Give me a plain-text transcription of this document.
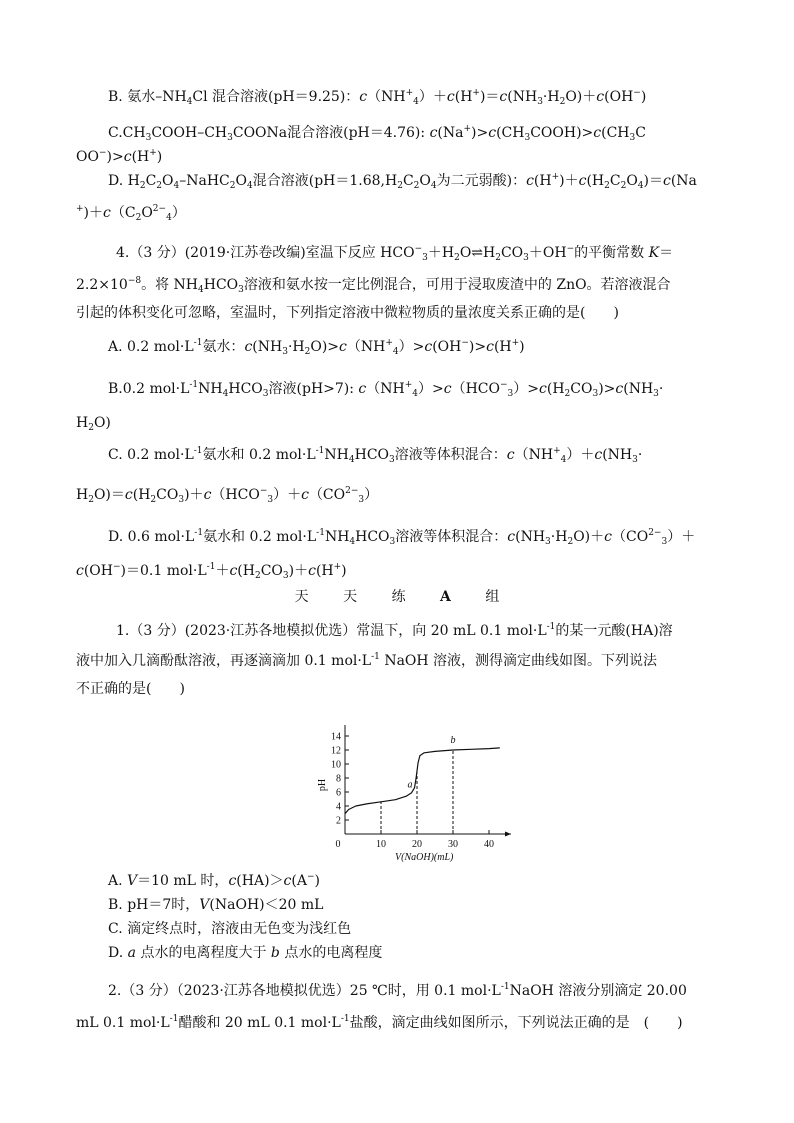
B. 氨水$-NH_4Cl$ 混合溶液(pH＝9.25)：$c(NH^+_4)+c(H^+)=c(NH_3\cdot H_2O)+c(OH^-)$
$C.CH_3COOH-CH_3COONa$混合溶液(pH＝4.76): $c(Na^+)>c(CH_3COOH)>c(CH_3C$
OO−)>c(H+)
D. $H_2C_2O_4-NaHC_2O_4$混合溶液($pH=1.68,H_2C_2O_4$为二元弱酸)：$c(H^+)+c(H_2C_2O_4)=c(Na$
$^+)+c(C_2O^{2-}_4)$
4.（3 分）(2019·江苏卷改编)室温下反应 $HCO^-_3+H_2O\rightleftharpoons H_2CO_3+OH^-$的平衡常数 K＝
$2.2\times 10^{-8}$。将 $NH_4HCO_3$溶液和氨水按一定比例混合，可用于浸取废渣中的 ZnO。若溶液混合
引起的体积变化可忽略，室温时，下列指定溶液中微粒物质的量浓度关系正确的是(　　)
A. 0.2 $mol\cdot L^{-1}$氨水：$c(NH_3\cdot H_2O)>c(NH^+_4)>c(OH^-)>c(H^+)$
B.0.2 $mol\cdot L^{-1}NH_4HCO_3$溶液(pH>7): $c(NH^+_4)>c(HCO^-_3)>c(H_2CO_3)>c(NH_3\cdot$
$H_2O$)
C. 0.2 $mol\cdot L^{-1}$氨水和 0.2 $mol\cdot L^{-1}NH_4HCO_3$溶液等体积混合：$c(NH^+_4)+c(NH_3\cdot$
$H_2O)=c(H_2CO_3)+c(HCO^-_3)+c(CO^{2-}_3)$
D. 0.6 $mol\cdot L^{-1}$氨水和 0.2 $mol\cdot L^{-1}NH_4HCO_3$溶液等体积混合：$c(NH_3\cdot H_2O)+c(CO^{2-}_3)+$
c(OH−)＝0.1 $mol\cdot L^{-1}+c(H_2CO_3)+c(H^+)$
天 天 练 A 组
1.（3 分）(2023·江苏各地模拟优选）常温下，向 20 mL 0.1 $mol\cdot L^{-1}$的某一元酸(HA)溶
液中加入几滴酚酞溶液，再逐滴滴加 0.1 $mol\cdot L^{-1}$ NaOH 溶液，测得滴定曲线如图。下列说法
不正确的是(　　)
2
4
6
8
10
12
14
0	10	20	30	40
pH
V(NaOH)(mL)
a
b
A. V＝10 mL 时，c(HA)＞c(A−)
B. pH＝7时，V(NaOH)＜20 mL
C. 滴定终点时，溶液由无色变为浅红色
D. a 点水的电离程度大于 b 点水的电离程度
2.（3 分）（2023·江苏各地模拟优选）25 ℃时，用 0.1 $mol\cdot L^{-1}NaOH$ 溶液分别滴定 20.00
mL 0.1 $mol\cdot L^{-1}$醋酸和 20 mL 0.1 $mol\cdot L^{-1}$盐酸，滴定曲线如图所示，下列说法正确的是　(　　)
